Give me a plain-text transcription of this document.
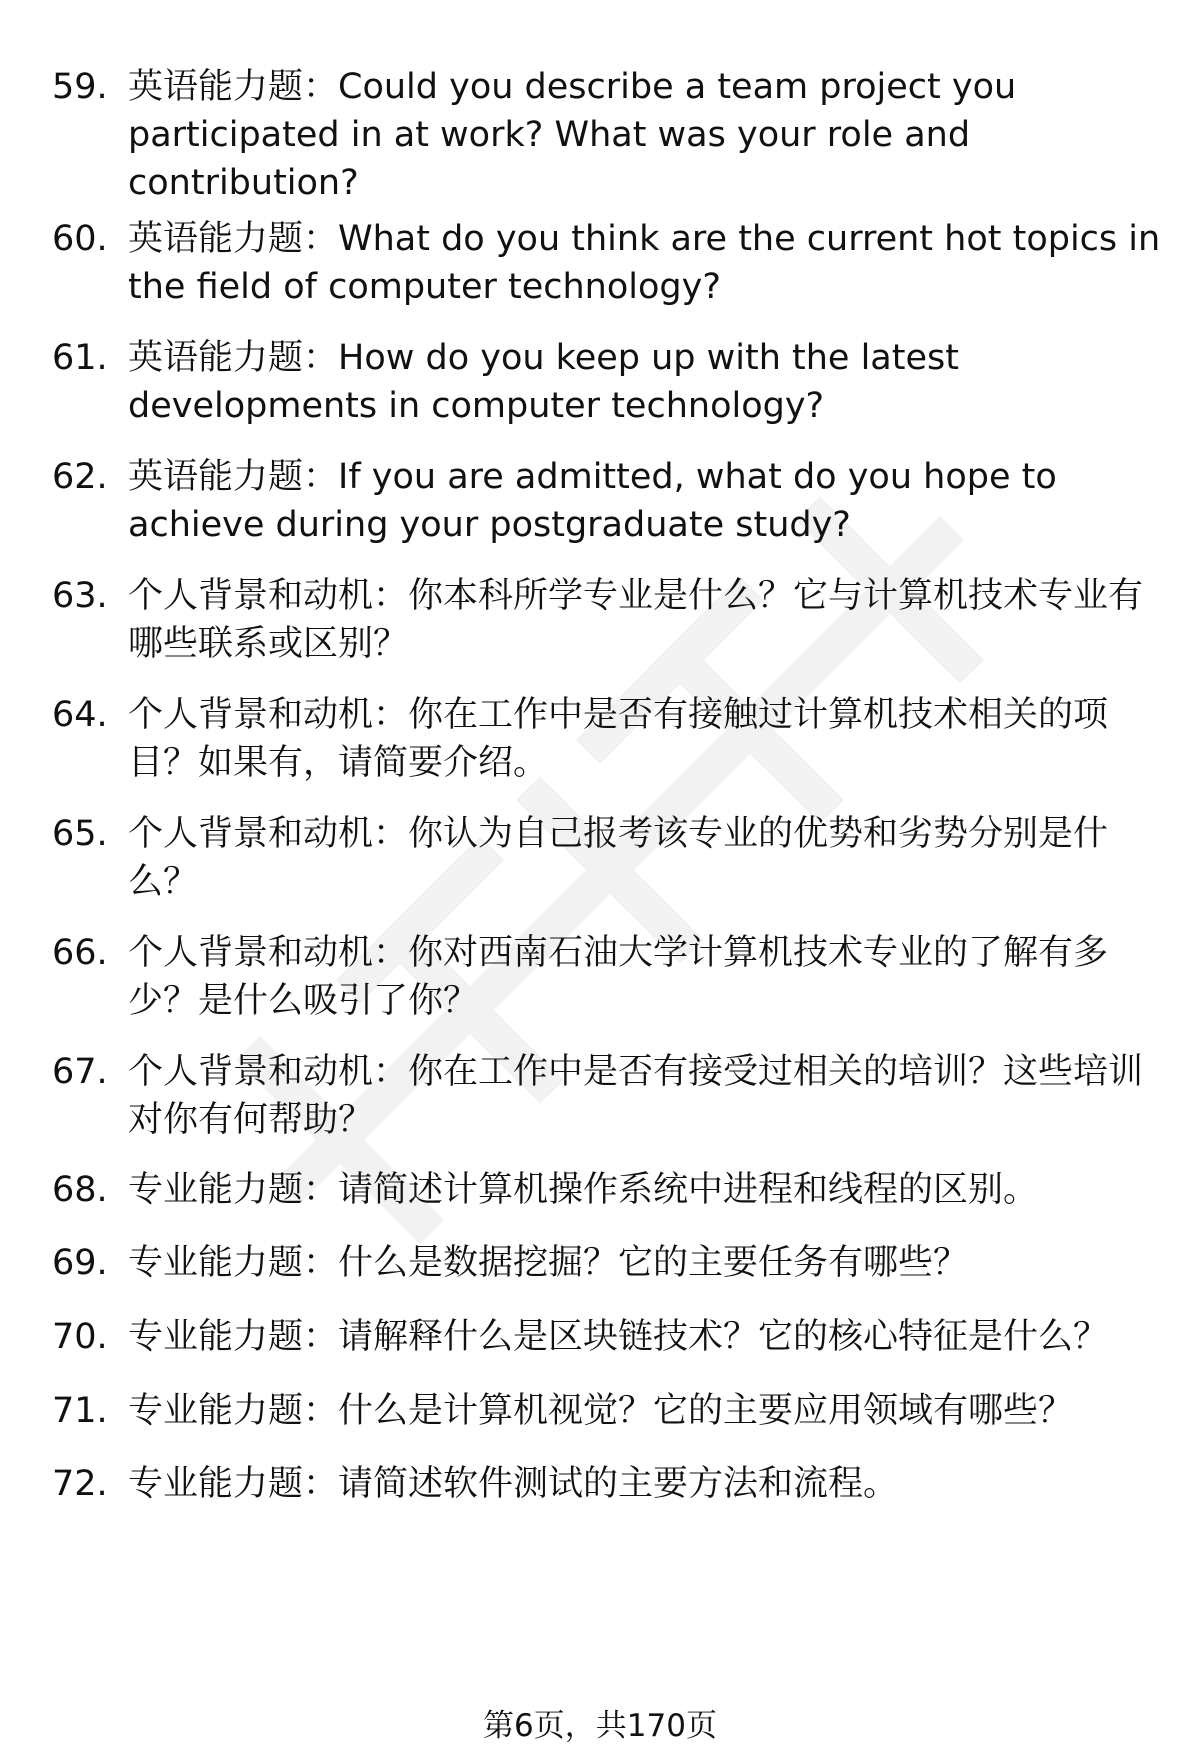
59. 英语能力题：Could you describe a team project you participated in at work? What was your role and contribution?
60. 英语能力题：What do you think are the current hot topics in the field of computer technology?
61. 英语能力题：How do you keep up with the latest developments in computer technology?
62. 英语能力题：If you are admitted, what do you hope to achieve during your postgraduate study?
63. 个人背景和动机：你本科所学专业是什么？它与计算机技术专业有哪些联系或区别？
64. 个人背景和动机：你在工作中是否有接触过计算机技术相关的项目？如果有，请简要介绍。
65. 个人背景和动机：你认为自己报考该专业的优势和劣势分别是什么？
66. 个人背景和动机：你对西南石油大学计算机技术专业的了解有多少？是什么吸引了你？
67. 个人背景和动机：你在工作中是否有接受过相关的培训？这些培训对你有何帮助？
68. 专业能力题：请简述计算机操作系统中进程和线程的区别。
69. 专业能力题：什么是数据挖掘？它的主要任务有哪些？
70. 专业能力题：请解释什么是区块链技术？它的核心特征是什么？
71. 专业能力题：什么是计算机视觉？它的主要应用领域有哪些？
72. 专业能力题：请简述软件测试的主要方法和流程。
第6页，共170页
